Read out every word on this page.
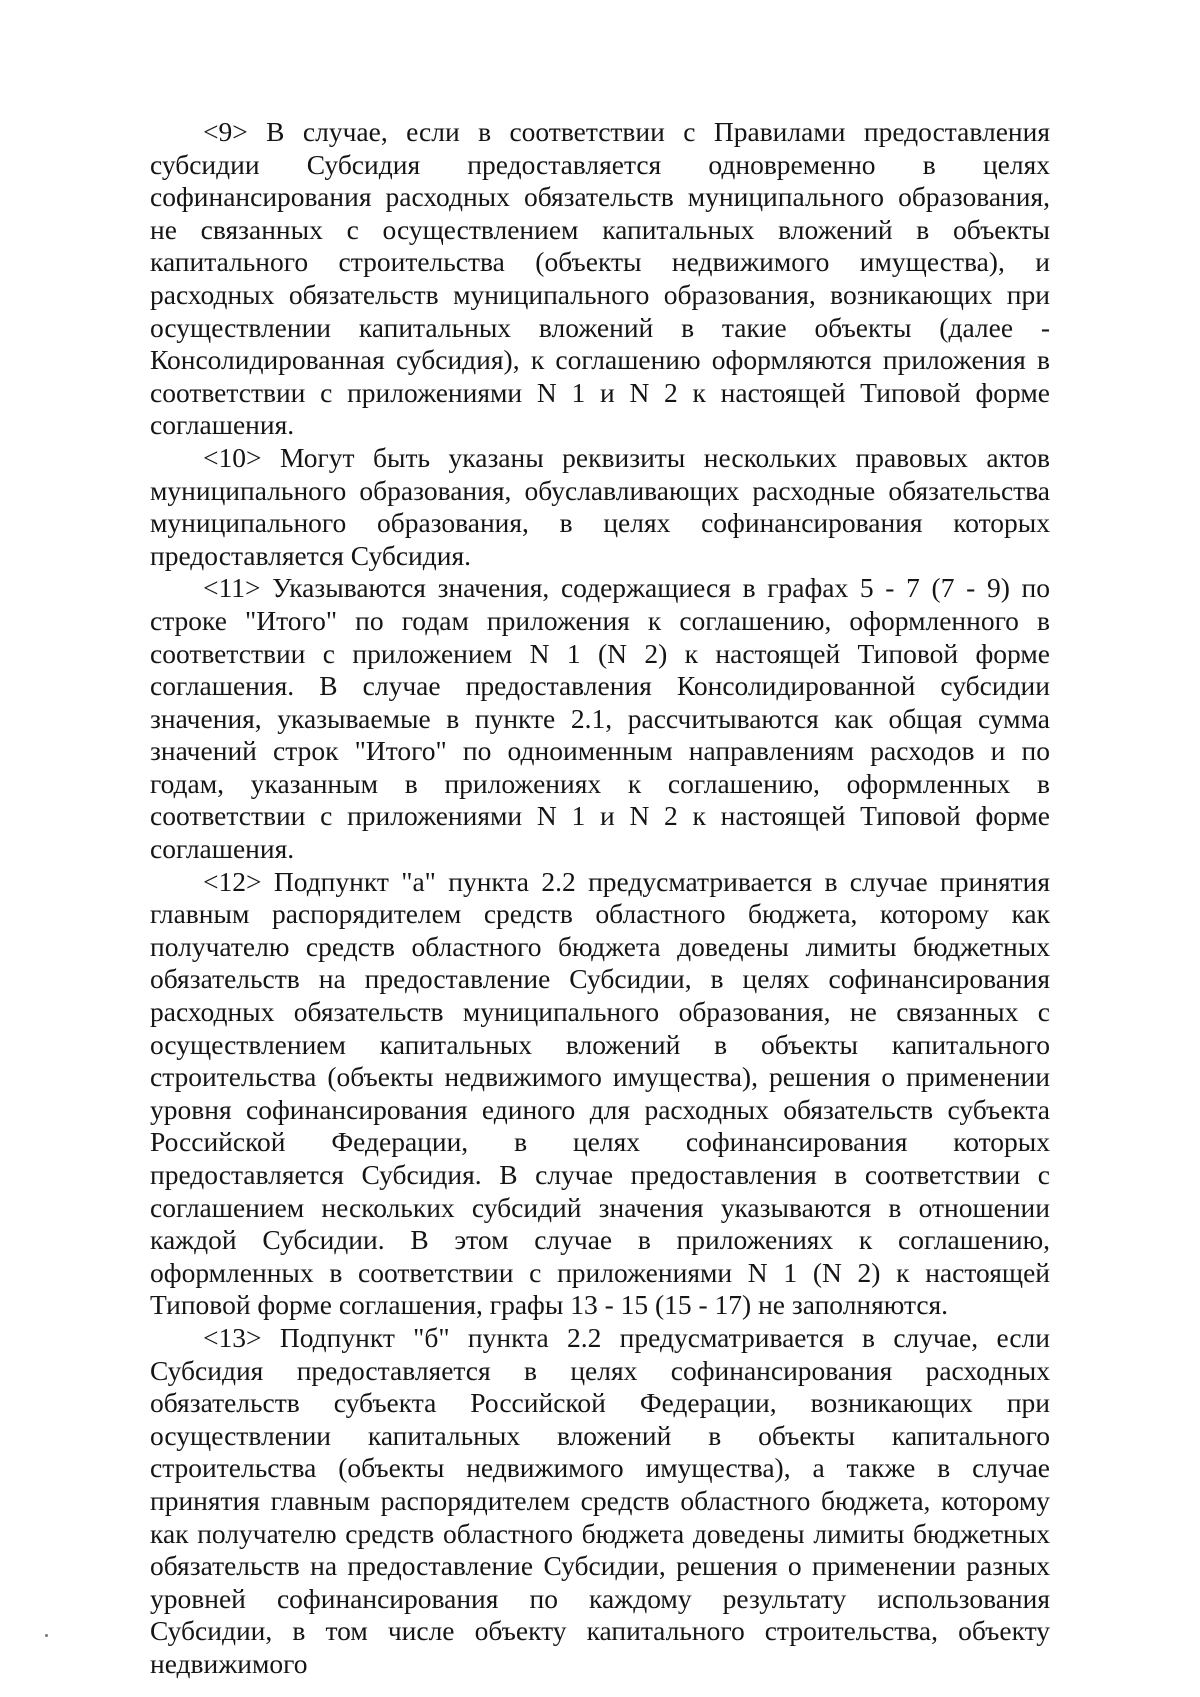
<9> В случае, если в соответствии с Правилами предоставления субсидии Субсидия предоставляется одновременно в целях софинансирования расходных обязательств муниципального образования, не связанных с осуществлением капитальных вложений в объекты капитального строительства (объекты недвижимого имущества), и расходных обязательств муниципального образования, возникающих при осуществлении капитальных вложений в такие объекты (далее - Консолидированная субсидия), к соглашению оформляются приложения в соответствии с приложениями N 1 и N 2 к настоящей Типовой форме соглашения.

<10> Могут быть указаны реквизиты нескольких правовых актов муниципального образования, обуславливающих расходные обязательства муниципального образования, в целях софинансирования которых предоставляется Субсидия.

<11> Указываются значения, содержащиеся в графах 5 - 7 (7 - 9) по строке "Итого" по годам приложения к соглашению, оформленного в соответствии с приложением N 1 (N 2) к настоящей Типовой форме соглашения. В случае предоставления Консолидированной субсидии значения, указываемые в пункте 2.1, рассчитываются как общая сумма значений строк "Итого" по одноименным направлениям расходов и по годам, указанным в приложениях к соглашению, оформленных в соответствии с приложениями N 1 и N 2 к настоящей Типовой форме соглашения.

<12> Подпункт "а" пункта 2.2 предусматривается в случае принятия главным распорядителем средств областного бюджета, которому как получателю средств областного бюджета доведены лимиты бюджетных обязательств на предоставление Субсидии, в целях софинансирования расходных обязательств муниципального образования, не связанных с осуществлением капитальных вложений в объекты капитального строительства (объекты недвижимого имущества), решения о применении уровня софинансирования единого для расходных обязательств субъекта Российской Федерации, в целях софинансирования которых предоставляется Субсидия. В случае предоставления в соответствии с соглашением нескольких субсидий значения указываются в отношении каждой Субсидии. В этом случае в приложениях к соглашению, оформленных в соответствии с приложениями N 1 (N 2) к настоящей Типовой форме соглашения, графы 13 - 15 (15 - 17) не заполняются.

<13> Подпункт "б" пункта 2.2 предусматривается в случае, если Субсидия предоставляется в целях софинансирования расходных обязательств субъекта Российской Федерации, возникающих при осуществлении капитальных вложений в объекты капитального строительства (объекты недвижимого имущества), а также в случае принятия главным распорядителем средств областного бюджета, которому как получателю средств областного бюджета доведены лимиты бюджетных обязательств на предоставление Субсидии, решения о применении разных уровней софинансирования по каждому результату использования Субсидии, в том числе объекту капитального строительства, объекту недвижимого
